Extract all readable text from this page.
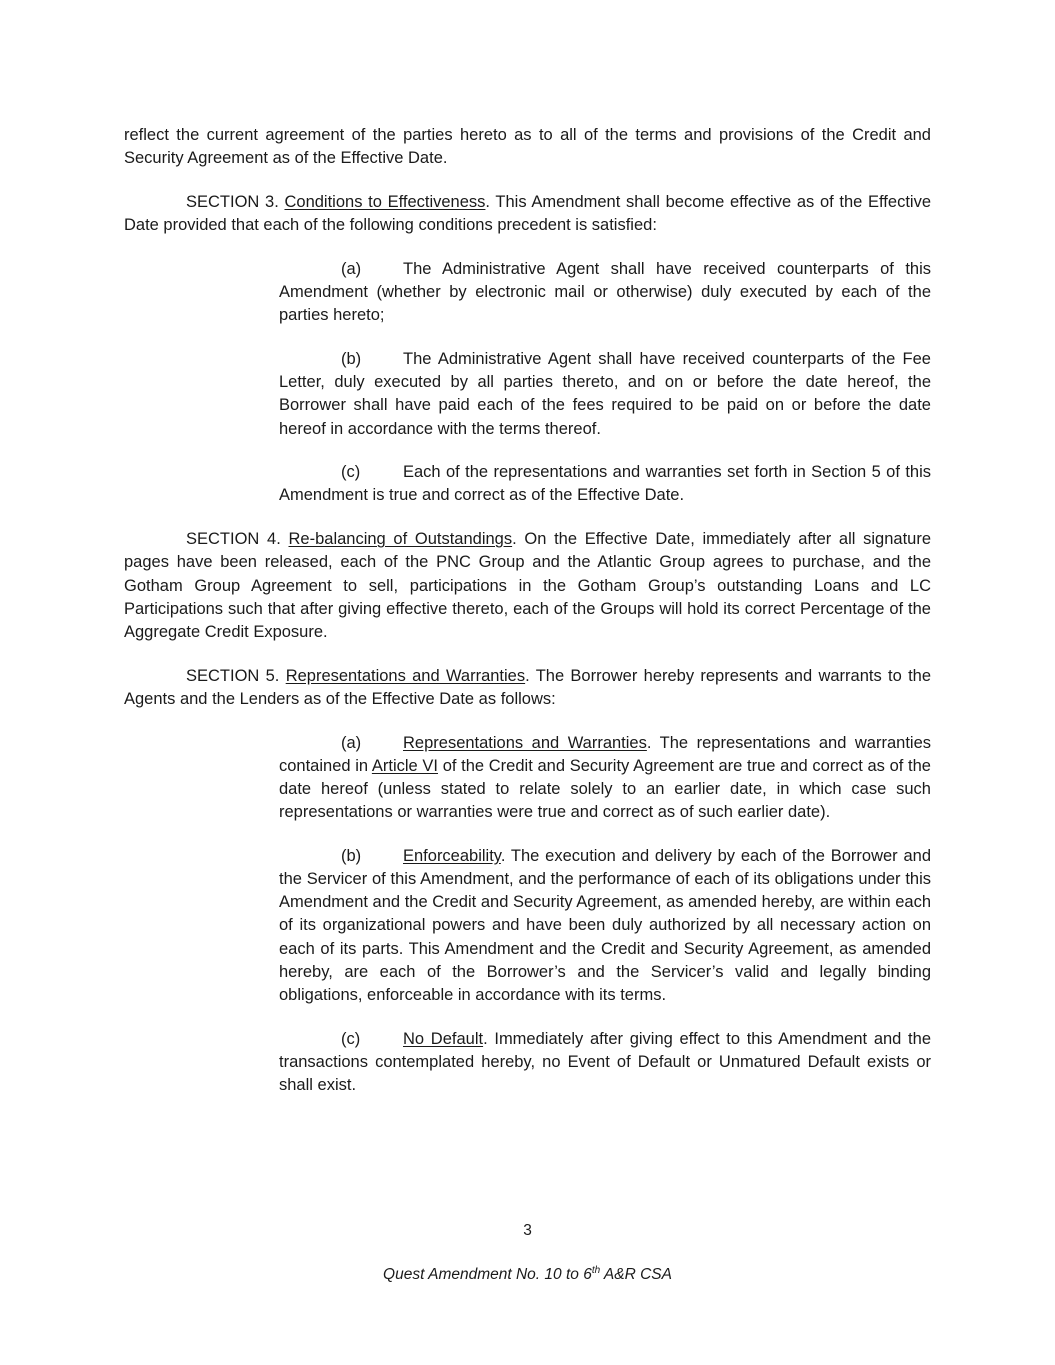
reflect the current agreement of the parties hereto as to all of the terms and provisions of the Credit and Security Agreement as of the Effective Date.

SECTION 3. Conditions to Effectiveness. This Amendment shall become effective as of the Effective Date provided that each of the following conditions precedent is satisfied:

(a)	The Administrative Agent shall have received counterparts of this Amendment (whether by electronic mail or otherwise) duly executed by each of the parties hereto;

(b)	The Administrative Agent shall have received counterparts of the Fee Letter, duly executed by all parties thereto, and on or before the date hereof, the Borrower shall have paid each of the fees required to be paid on or before the date hereof in accordance with the terms thereof.

(c)	Each of the representations and warranties set forth in Section 5 of this Amendment is true and correct as of the Effective Date.

SECTION 4. Re-balancing of Outstandings. On the Effective Date, immediately after all signature pages have been released, each of the PNC Group and the Atlantic Group agrees to purchase, and the Gotham Group Agreement to sell, participations in the Gotham Group’s outstanding Loans and LC Participations such that after giving effective thereto, each of the Groups will hold its correct Percentage of the Aggregate Credit Exposure.

SECTION 5. Representations and Warranties. The Borrower hereby represents and warrants to the Agents and the Lenders as of the Effective Date as follows:

(a)	Representations and Warranties. The representations and warranties contained in Article VI of the Credit and Security Agreement are true and correct as of the date hereof (unless stated to relate solely to an earlier date, in which case such representations or warranties were true and correct as of such earlier date).

(b)	Enforceability. The execution and delivery by each of the Borrower and the Servicer of this Amendment, and the performance of each of its obligations under this Amendment and the Credit and Security Agreement, as amended hereby, are within each of its organizational powers and have been duly authorized by all necessary action on each of its parts. This Amendment and the Credit and Security Agreement, as amended hereby, are each of the Borrower’s and the Servicer’s valid and legally binding obligations, enforceable in accordance with its terms.

(c)	No Default. Immediately after giving effect to this Amendment and the transactions contemplated hereby, no Event of Default or Unmatured Default exists or shall exist.

3
Quest Amendment No. 10 to 6th A&R CSA
